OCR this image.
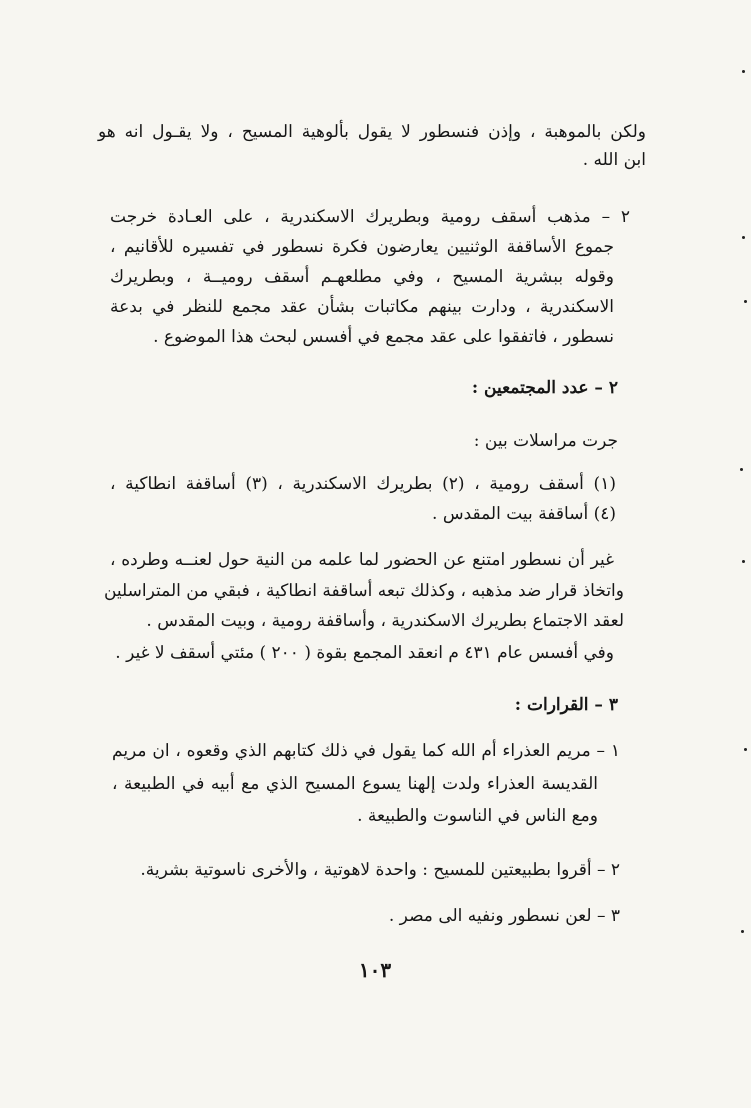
ولكن بالموهبة ، وإذن فنسطور لا يقول بألوهية المسيح ، ولا يقـول انه هو
ابن الله .
٢ – مذهب أسقف رومية وبطريرك الاسكندرية ، على العـادة خرجت
جموع الأساقفة الوثنيين يعارضون فكرة نسطور في تفسيره للأقانيم ،
وقوله ببشرية المسيح ، وفي مطلعهـم أسقف روميــة ، وبطريرك
الاسكندرية ، ودارت بينهم مكاتبات بشأن عقد مجمع للنظر في بدعة
نسطور ، فاتفقوا على عقد مجمع في أفسس لبحث هذا الموضوع .
٢ – عدد المجتمعين :
جرت مراسلات بين :
(١) أسقف رومية ، (٢) بطريرك الاسكندرية ، (٣) أساقفة انطاكية ،
(٤) أساقفة بيت المقدس .
غير أن نسطور امتنع عن الحضور لما علمه من النية حول لعنــه وطرده ،
واتخاذ قرار ضد مذهبه ، وكذلك تبعه أساقفة انطاكية ، فبقي من المتراسلين
لعقد الاجتماع بطريرك الاسكندرية ، وأساقفة رومية ، وبيت المقدس .
وفي أفسس عام ٤٣١ م انعقد المجمع بقوة ( ٢٠٠ ) مئتي أسقف لا غير .
٣ – القرارات :
١ – مريم العذراء أم الله كما يقول في ذلك كتابهم الذي وقعوه ، ان مريم
القديسة العذراء ولدت إلهنا يسوع المسيح الذي مع أبيه في الطبيعة ،
ومع الناس في الناسوت والطبيعة .
٢ – أقروا بطبيعتين للمسيح : واحدة لاهوتية ، والأخرى ناسوتية بشرية.
٣ – لعن نسطور ونفيه الى مصر .
١٠٣
